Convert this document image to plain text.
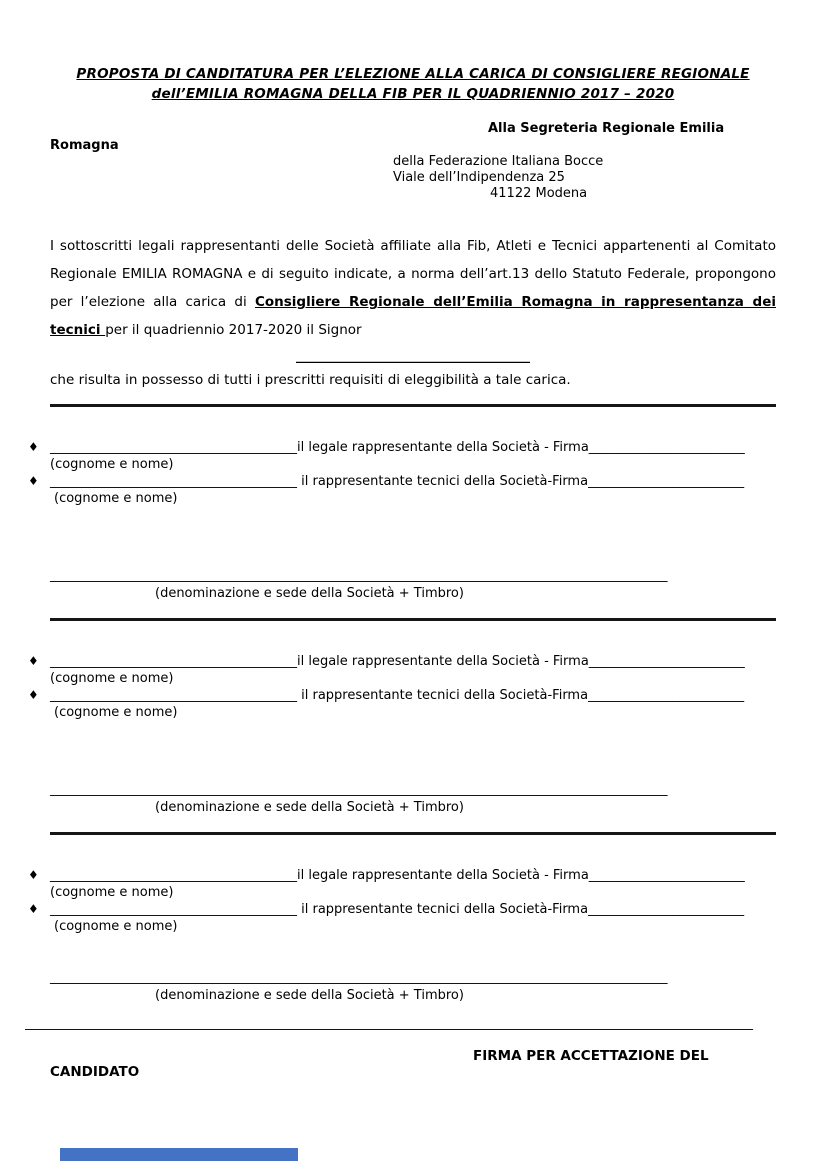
PROPOSTA DI CANDITATURA PER L’ELEZIONE ALLA CARICA DI CONSIGLIERE REGIONALE
dell’EMILIA ROMAGNA DELLA FIB PER IL QUADRIENNIO 2017 – 2020
Alla Segreteria Regionale Emilia
Romagna
della Federazione Italiana Bocce
Viale dell’Indipendenza 25
41122 Modena

I sottoscritti legali rappresentanti delle Società affiliate alla Fib, Atleti e Tecnici appartenenti al Comitato Regionale EMILIA ROMAGNA e di seguito indicate, a norma dell’art.13 dello Statuto Federale, propongono per l’elezione alla carica di Consigliere Regionale dell’Emilia Romagna in rappresentanza dei tecnici per il quadriennio 2017-2020 il Signor

____________________________________
che risulta in possesso di tutti i prescritti requisiti di eleggibilità a tale carica.
♦ ______________________________________il legale rappresentante della Società - Firma________________________
(cognome e nome)
♦ ______________________________________ il rappresentante tecnici della Società-Firma________________________
(cognome e nome)
_______________________________________________________________________________________________
(denominazione e sede della Società + Timbro)
♦ ______________________________________il legale rappresentante della Società - Firma________________________
(cognome e nome)
♦ ______________________________________ il rappresentante tecnici della Società-Firma________________________
(cognome e nome)
_______________________________________________________________________________________________
(denominazione e sede della Società + Timbro)
♦ ______________________________________il legale rappresentante della Società - Firma________________________
(cognome e nome)
♦ ______________________________________ il rappresentante tecnici della Società-Firma________________________
(cognome e nome)
_______________________________________________________________________________________________
(denominazione e sede della Società + Timbro)
________________________________________________________________________________________________________________
FIRMA PER ACCETTAZIONE DEL
CANDIDATO
